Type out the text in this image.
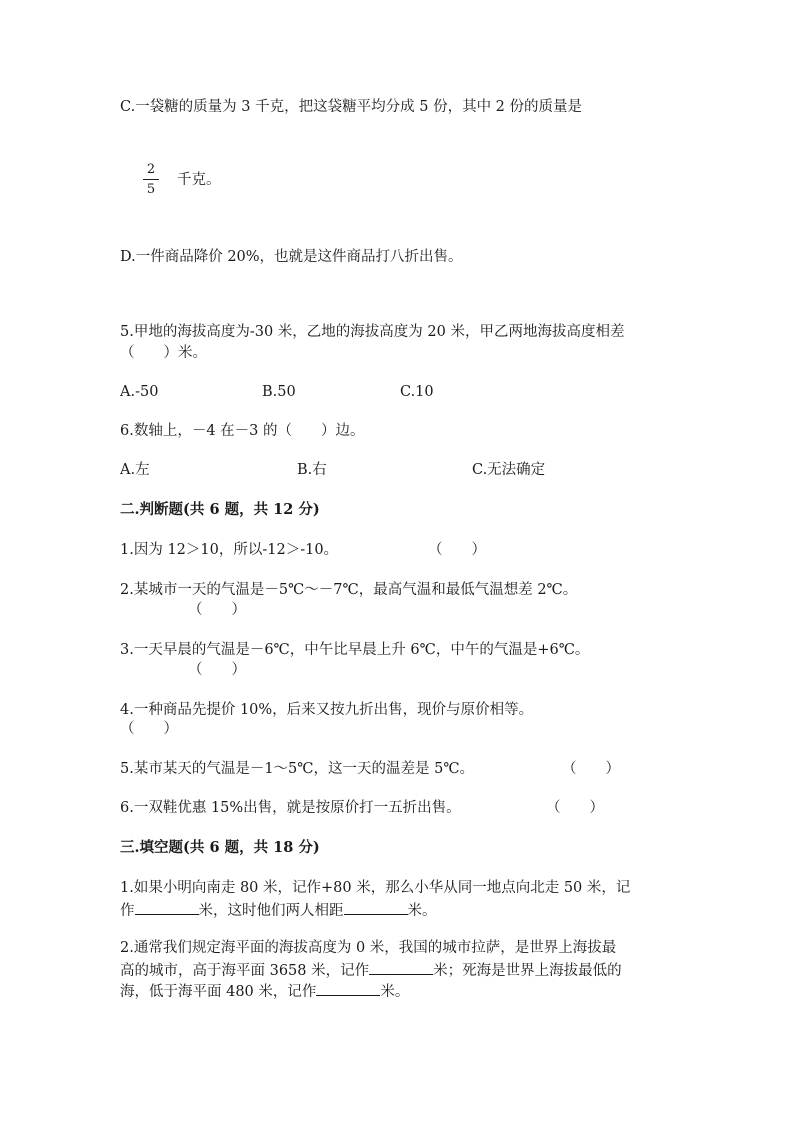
C.一袋糖的质量为 3 千克，把这袋糖平均分成 5 份，其中 2 份的质量是
2
5
千克。
D.一件商品降价 20%，也就是这件商品打八折出售。
5.甲地的海拔高度为-30 米，乙地的海拔高度为 20 米，甲乙两地海拔高度相差
（　　）米。
A.-50	B.50	C.10
6.数轴上，－4 在－3 的（　　）边。
A.左	B.右	C.无法确定
二.判断题(共 6 题，共 12 分)
1.因为 12＞10，所以-12＞-10。	（　　）
2.某城市一天的气温是－5℃～－7℃，最高气温和最低气温想差 2℃。
（　　）
3.一天早晨的气温是－6℃，中午比早晨上升 6℃，中午的气温是+6℃。
（　　）
4.一种商品先提价 10%，后来又按九折出售，现价与原价相等。
（　　）
5.某市某天的气温是－1～5℃，这一天的温差是 5℃。	（　　）
6.一双鞋优惠 15%出售，就是按原价打一五折出售。	（　　）
三.填空题(共 6 题，共 18 分)
1.如果小明向南走 80 米，记作+80 米，那么小华从同一地点向北走 50 米，记
作	米，这时他们两人相距	米。
2.通常我们规定海平面的海拔高度为 0 米，我国的城市拉萨，是世界上海拔最
高的城市，高于海平面 3658 米，记作	米；死海是世界上海拔最低的
海，低于海平面 480 米，记作	米。
